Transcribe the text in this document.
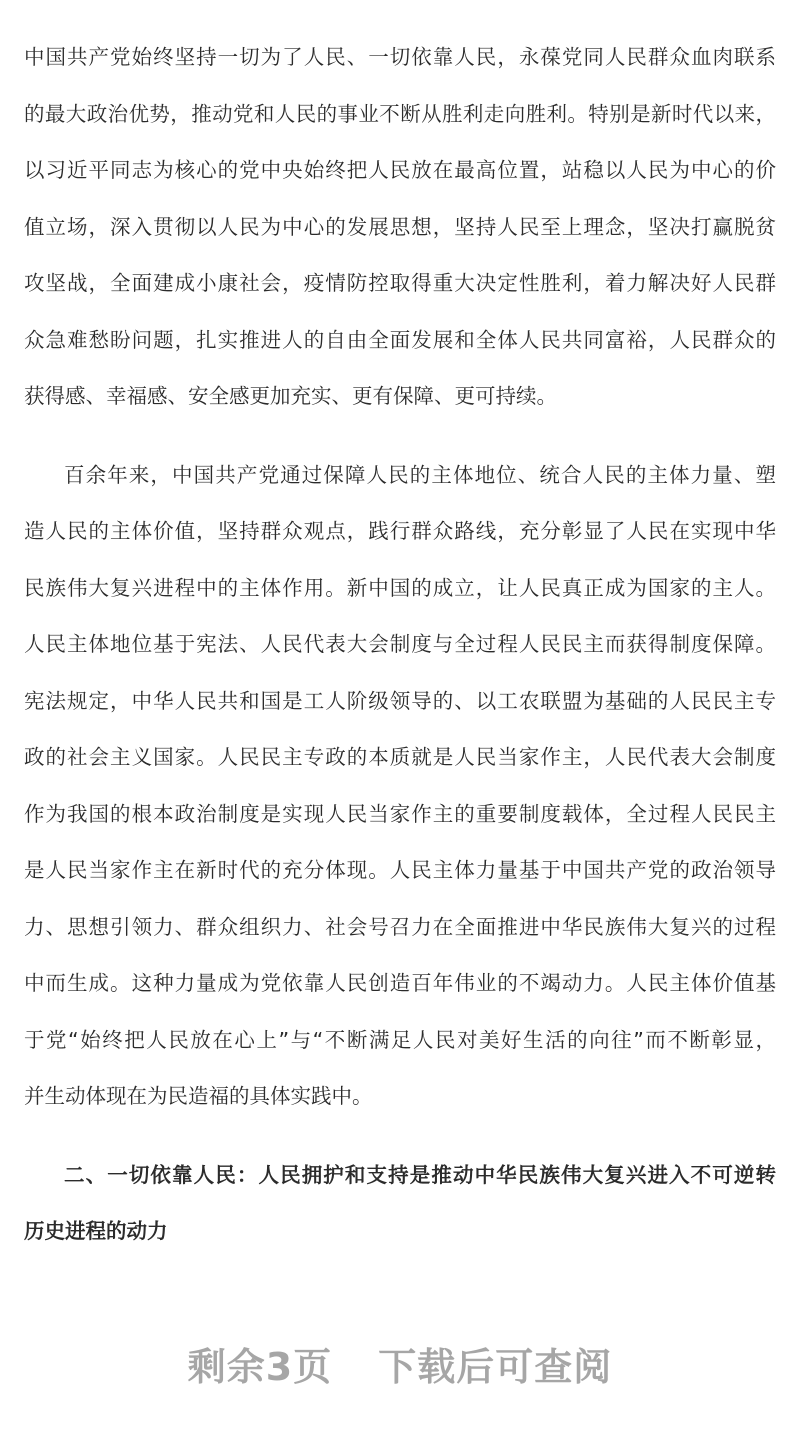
中国共产党始终坚持一切为了人民、一切依靠人民，永葆党同人民群众血肉联系
的最大政治优势，推动党和人民的事业不断从胜利走向胜利。特别是新时代以来，
以习近平同志为核心的党中央始终把人民放在最高位置，站稳以人民为中心的价
值立场，深入贯彻以人民为中心的发展思想，坚持人民至上理念，坚决打赢脱贫
攻坚战，全面建成小康社会，疫情防控取得重大决定性胜利，着力解决好人民群
众急难愁盼问题，扎实推进人的自由全面发展和全体人民共同富裕，人民群众的
获得感、幸福感、安全感更加充实、更有保障、更可持续。
百余年来，中国共产党通过保障人民的主体地位、统合人民的主体力量、塑
造人民的主体价值，坚持群众观点，践行群众路线，充分彰显了人民在实现中华
民族伟大复兴进程中的主体作用。新中国的成立，让人民真正成为国家的主人。
人民主体地位基于宪法、人民代表大会制度与全过程人民民主而获得制度保障。
宪法规定，中华人民共和国是工人阶级领导的、以工农联盟为基础的人民民主专
政的社会主义国家。人民民主专政的本质就是人民当家作主，人民代表大会制度
作为我国的根本政治制度是实现人民当家作主的重要制度载体，全过程人民民主
是人民当家作主在新时代的充分体现。人民主体力量基于中国共产党的政治领导
力、思想引领力、群众组织力、社会号召力在全面推进中华民族伟大复兴的过程
中而生成。这种力量成为党依靠人民创造百年伟业的不竭动力。人民主体价值基
于党“始终把人民放在心上”与“不断满足人民对美好生活的向往”而不断彰显，
并生动体现在为民造福的具体实践中。
二、一切依靠人民：人民拥护和支持是推动中华民族伟大复兴进入不可逆转
历史进程的动力
剩余3页 下载后可查阅
